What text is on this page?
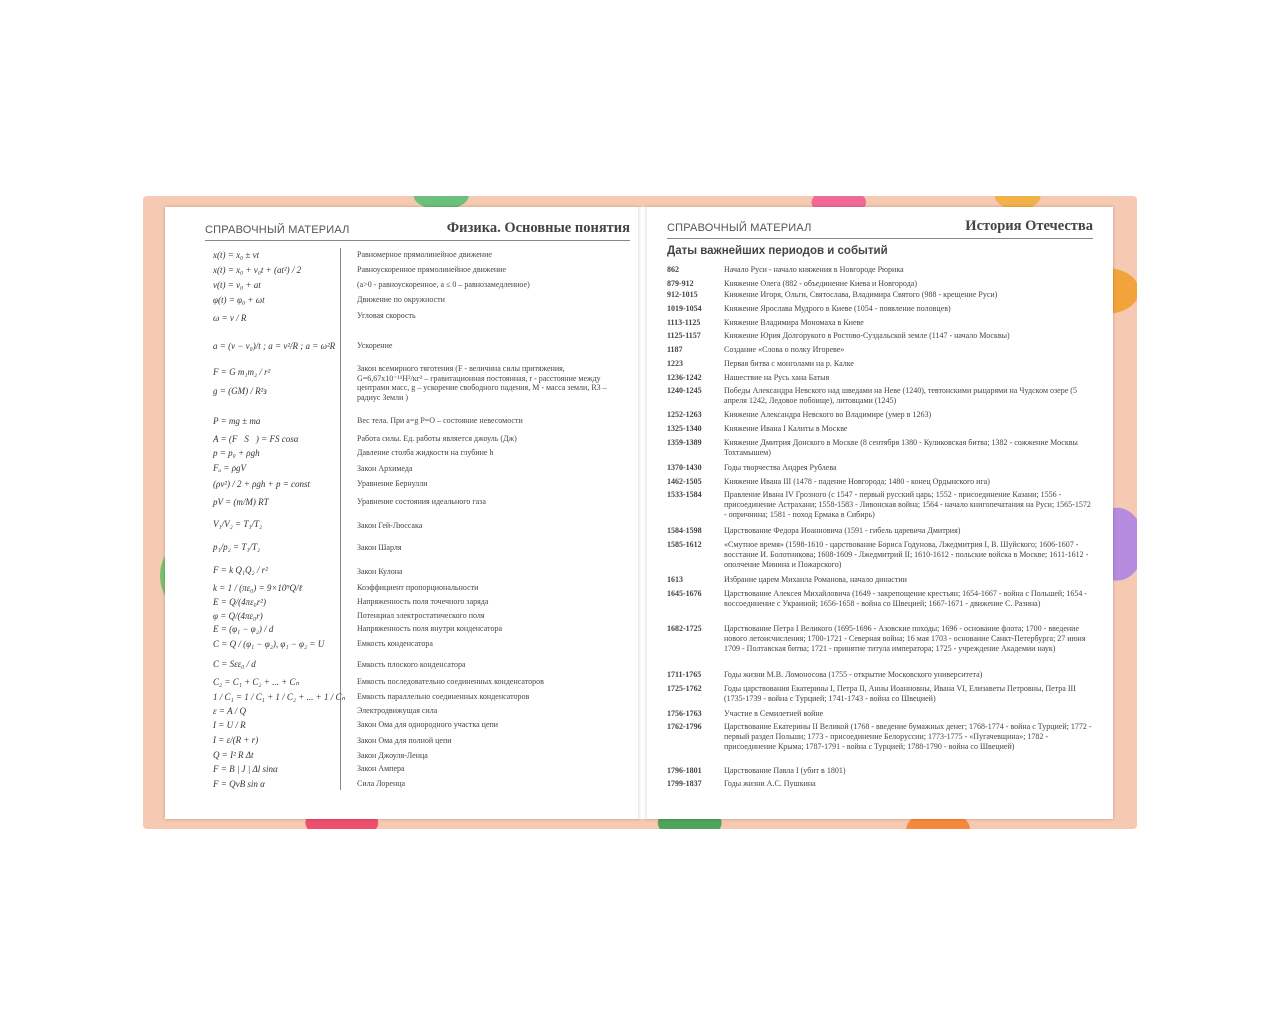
СПРАВОЧНЫЙ МАТЕРИАЛ	Физика. Основные понятия
x(t) = x₀ ± vt	Равномерное прямолинейное движение
x(t) = x₀ + v₀t + (at²) / 2	Равноускоренное прямолинейное движение
v(t) = v₀ + at	(a>0 - равноускоренное, a ≤ 0 – равнозамедленное)
φ(t) = φ₀ + ωt	Движение по окружности
ω = v / R	Угловая скорость
a = (v − v₀)/t ; a = v²/R ; a = ω²R	Ускорение
F = G m₁m₂ / r²	Закон всемирного тяготения (F - величина силы притяжения, G=6,67x10⁻¹¹Н²/кг² – гравитационная постоянная, r - расстояние между центрами масс, g – ускорение свободного падения, M - масса земли, R3 – радиус Земли )
g = (GM) / R²з
P = mg ± ma	Вес тела. При a=g P=O – состояние невесомости
A = (F⃗S⃗) = FS cosα	Работа силы. Ед. работы является джоуль (Дж)
p = p₀ + ρgh	Давление столба жидкости на глубине h
Fₐ = ρgV	Закон Архимеда
(ρv²) / 2 + ρgh + p = const	Уравнение Бернулли
pV = (m/M) RT	Уравнение состояния идеального газа
V₁/V₂ = T₁/T₂	Закон Гей-Люссака
p₁/p₂ = T₁/T₂	Закон Шарля
F = k Q₁Q₂ / r²	Закон Кулона
k = 1 / (πε₀) = 9×10⁹Q/ℓ	Коэффициент пропорциональности
E = Q/(4πε₀r²)	Напряженность поля точечного заряда
φ = Q/(4πε₀r)	Потенциал электростатического поля
E = (φ₁ − φ₂) / d	Напряженность поля внутри конденсатора
C = Q / (φ₁ − φ₂), φ₁ − φ₂ = U	Емкость конденсатора
C = Sεε₀ / d	Емкость плоского конденсатора
C₂ = C₁ + C₂ + ... + Cₙ	Емкость последовательно соединенных конденсаторов
1 / C₁ = 1 / C₁ + 1 / C₂ + ... + 1 / Cₙ Емкость параллельно соединенных конденсаторов
ε = A / Q	Электродвижущая сила
I = U / R	Закон Ома для однородного участка цепи
I = ε/(R + r)	Закон Ома для полной цепи
Q = I² R Δt	Закон Джоуля-Ленца
F = B | J | Δl sinα	Закон Ампера
F = QvB sin α	Сила Лоренца
СПРАВОЧНЫЙ МАТЕРИАЛ	История Отечества
Даты важнейших периодов и событий
862	Начало Руси - начало княжения в Новгороде Рюрика
879-912	Княжение Олега (882 - объединение Киева и Новгорода)
912-1015	Княжение Игоря, Ольги, Святослава, Владимира Святого (988 - крещение Руси)
1019-1054	Княжение Ярослава Мудрого в Киеве (1054 - появление половцев)
1113-1125	Княжение Владимира Мономаха в Киеве
1125-1157	Княжение Юрия Долгорукого в Ростово-Суздальской земле (1147 - начало Москвы)
1187	Создание «Слова о полку Игореве»
1223	Первая битва с монголами на р. Калке
1236-1242	Нашествие на Русь хана Батыя
1240-1245	Победы Александра Невского над шведами на Неве (1240), тевтонскими рыцарями на Чудском озере (5 апреля 1242, Ледовое побоище), литовцами (1245)
1252-1263	Княжение Александра Невского во Владимире (умер в 1263)
1325-1340	Княжение Ивана I Калиты в Москве
1359-1389	Княжение Дмитрия Донского в Москве (8 сентября 1380 - Куликовская битва; 1382 - сожжение Москвы Тохтамышем)
1370-1430	Годы творчества Андрея Рублева
1462-1505	Княжение Ивана III (1478 - падение Новгорода; 1480 - конец Ордынского ига)
1533-1584	Правление Ивана IV Грозного (с 1547 - первый русский царь; 1552 - присоединение Казани; 1556 - присоединение Астрахани; 1558-1583 - Ливонская война; 1564 - начало книгопечатания на Руси; 1565-1572 - опричнина; 1581 - поход Ермака в Сибирь)
1584-1598	Царствование Федора Иоанновича (1591 - гибель царевича Дмитрия)
1585-1612	«Смутное время» (1598-1610 - царствование Бориса Годунова, Лжедмитрия I, В. Шуйского; 1606-1607 - восстание И. Болотникова; 1608-1609 - Лжедмитрий II; 1610-1612 - польские войска в Москве; 1611-1612 - ополчение Минина и Пожарского)
1613	Избрание царем Михаила Романова, начало династии
1645-1676	Царствование Алексея Михайловича (1649 - закрепощение крестьян; 1654-1667 - война с Польшей; 1654 - воссоединение с Украиной; 1656-1658 - война со Швецией; 1667-1671 - движение С. Разина)
1682-1725	Царствование Петра I Великого (1695-1696 - Азовские походы; 1696 - основание флота; 1700 - введение нового летоисчисления; 1700-1721 - Северная война; 16 мая 1703 - основание Санкт-Петербурга; 27 июня 1709 - Полтавская битва; 1721 - принятие титула императора; 1725 - учреждение Академии наук)
1711-1765	Годы жизни М.В. Ломоносова (1755 - открытие Московского университета)
1725-1762	Годы царствования Екатерины I, Петра II, Анны Иоанновны, Ивана VI, Елизаветы Петровны, Петра III (1735-1739 - война с Турцией; 1741-1743 - война со Швецией)
1756-1763	Участие в Семилетней войне
1762-1796	Царствование Екатерины II Великой (1768 - введение бумажных денег; 1768-1774 - война с Турцией; 1772 - первый раздел Польши; 1773 - присоединение Белоруссии; 1773-1775 - «Пугачевщина»; 1782 - присоединение Крыма; 1787-1791 - война с Турцией; 1788-1790 - война со Швецией)
1796-1801	Царствование Павла I (убит в 1801)
1799-1837	Годы жизни А.С. Пушкина
